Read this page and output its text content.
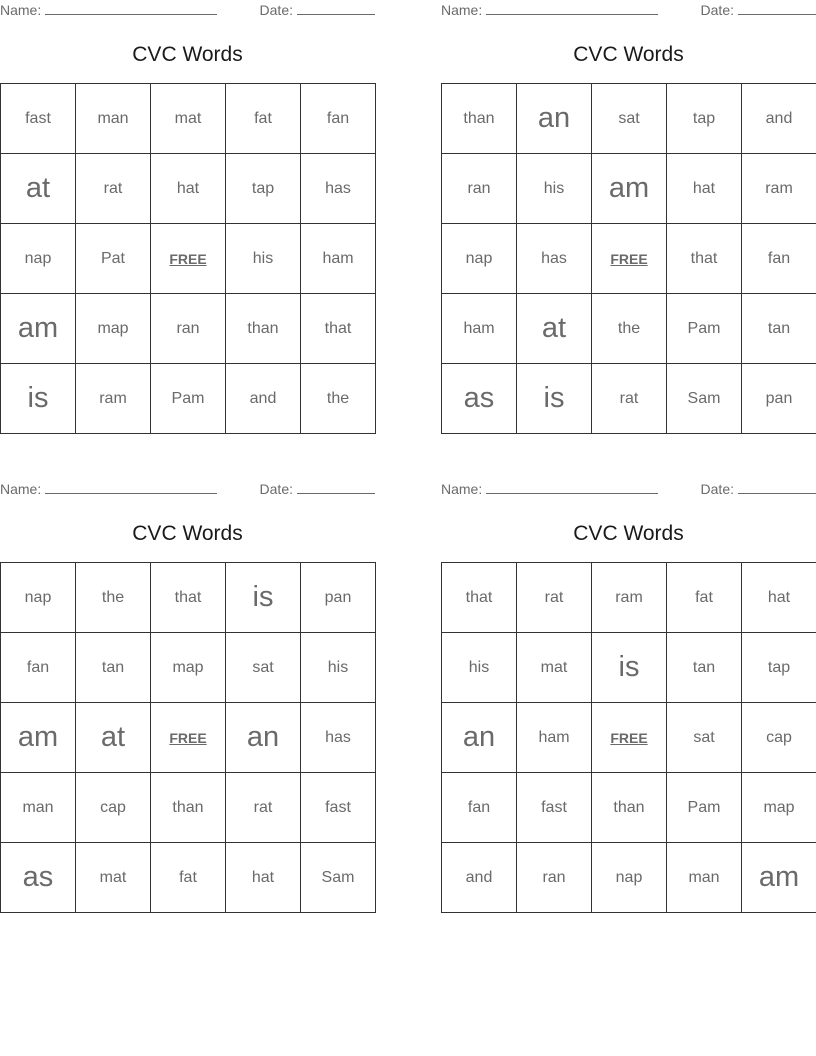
Name:	Date:
CVC Words
fast	man	mat	fat	fan
at	rat	hat	tap	has
nap	Pat	FREE	his	ham
am	map	ran	than	that
is	ram	Pam	and	the
Name:	Date:
CVC Words
than	an	sat	tap	and
ran	his	am	hat	ram
nap	has	FREE	that	fan
ham	at	the	Pam	tan
as	is	rat	Sam	pan
Name:	Date:
CVC Words
nap	the	that	is	pan
fan	tan	map	sat	his
am	at	FREE	an	has
man	cap	than	rat	fast
as	mat	fat	hat	Sam
Name:	Date:
CVC Words
that	rat	ram	fat	hat
his	mat	is	tan	tap
an	ham	FREE	sat	cap
fan	fast	than	Pam	map
and	ran	nap	man	am
